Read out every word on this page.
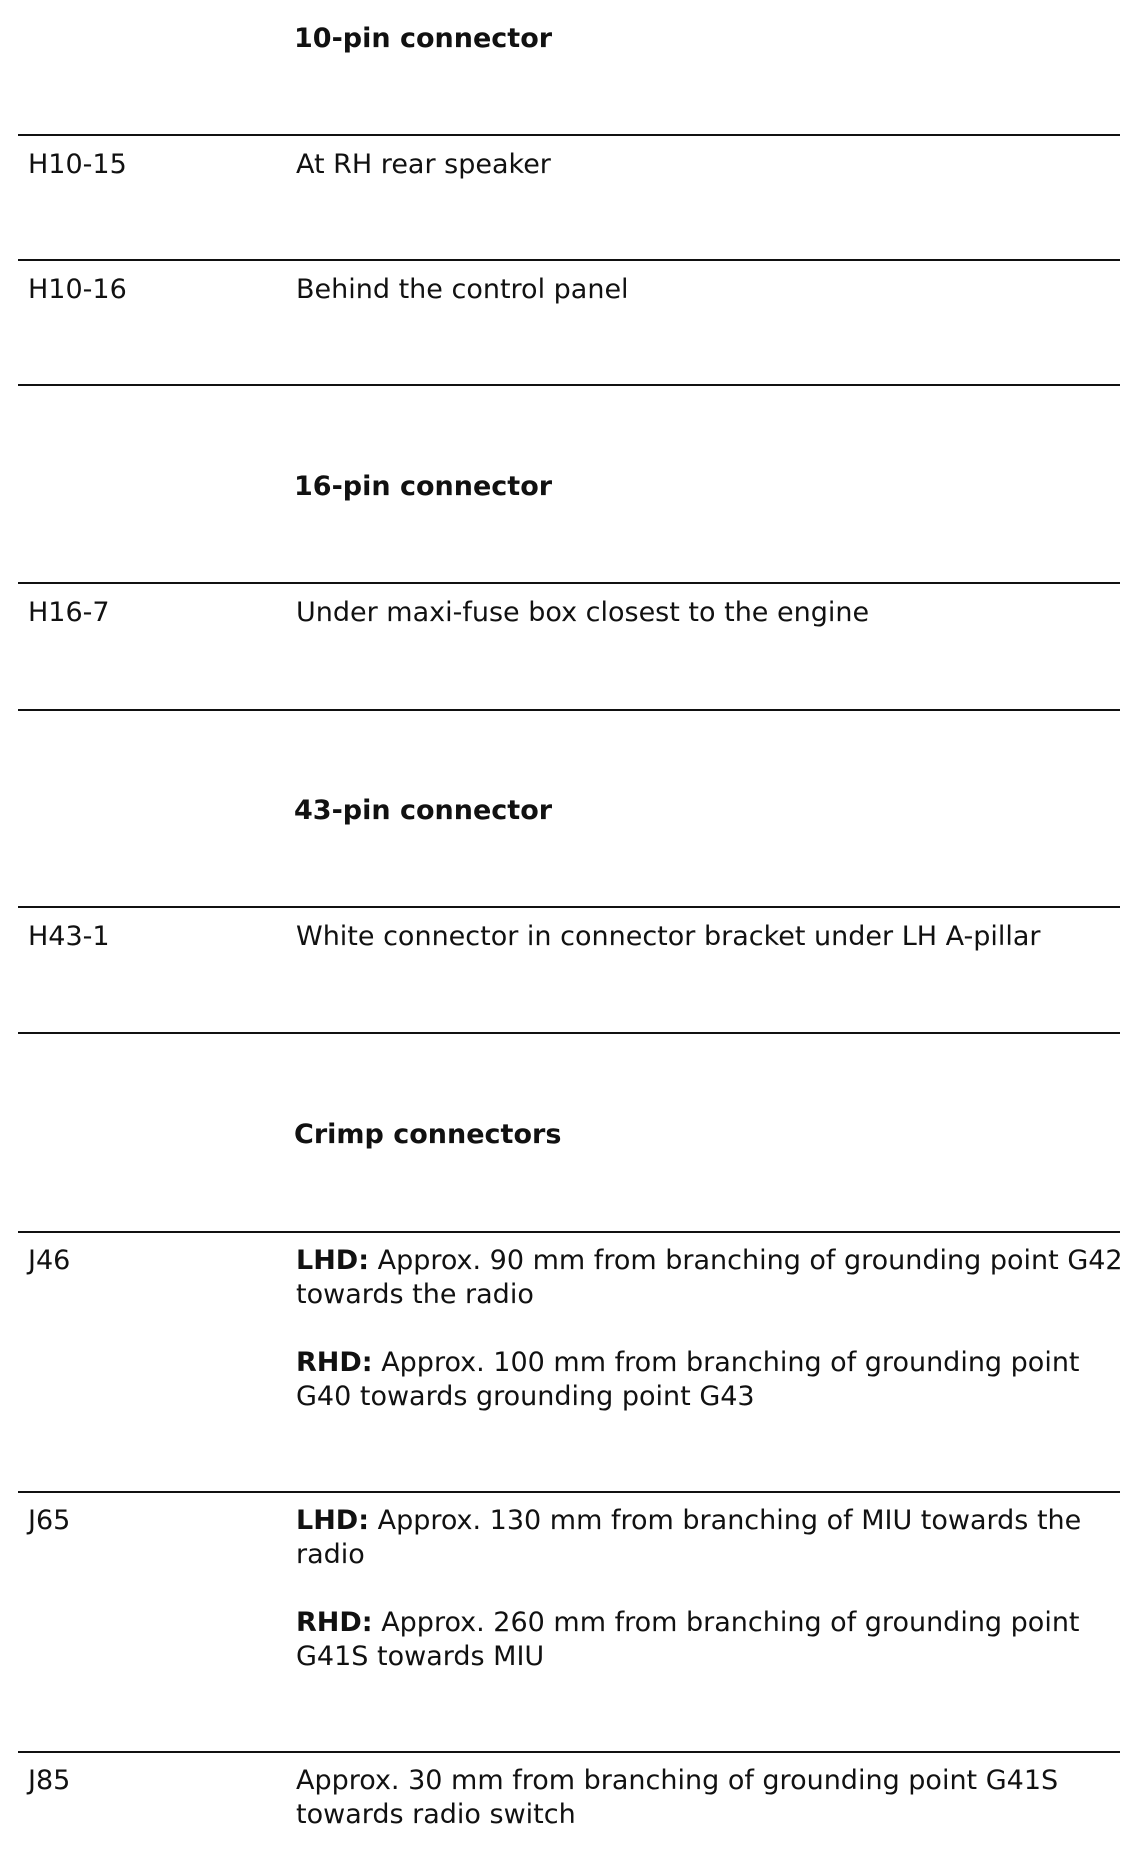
10-pin connector
H10-15	At RH rear speaker
H10-16	Behind the control panel
16-pin connector
H16-7	Under maxi-fuse box closest to the engine
43-pin connector
H43-1	White connector in connector bracket under LH A-pillar
Crimp connectors
J46	LHD: Approx. 90 mm from branching of grounding point G42 towards the radio

RHD: Approx. 100 mm from branching of grounding point G40 towards grounding point G43

J65	LHD: Approx. 130 mm from branching of MIU towards the radio

RHD: Approx. 260 mm from branching of grounding point G41S towards MIU

J85	Approx. 30 mm from branching of grounding point G41S towards radio switch
